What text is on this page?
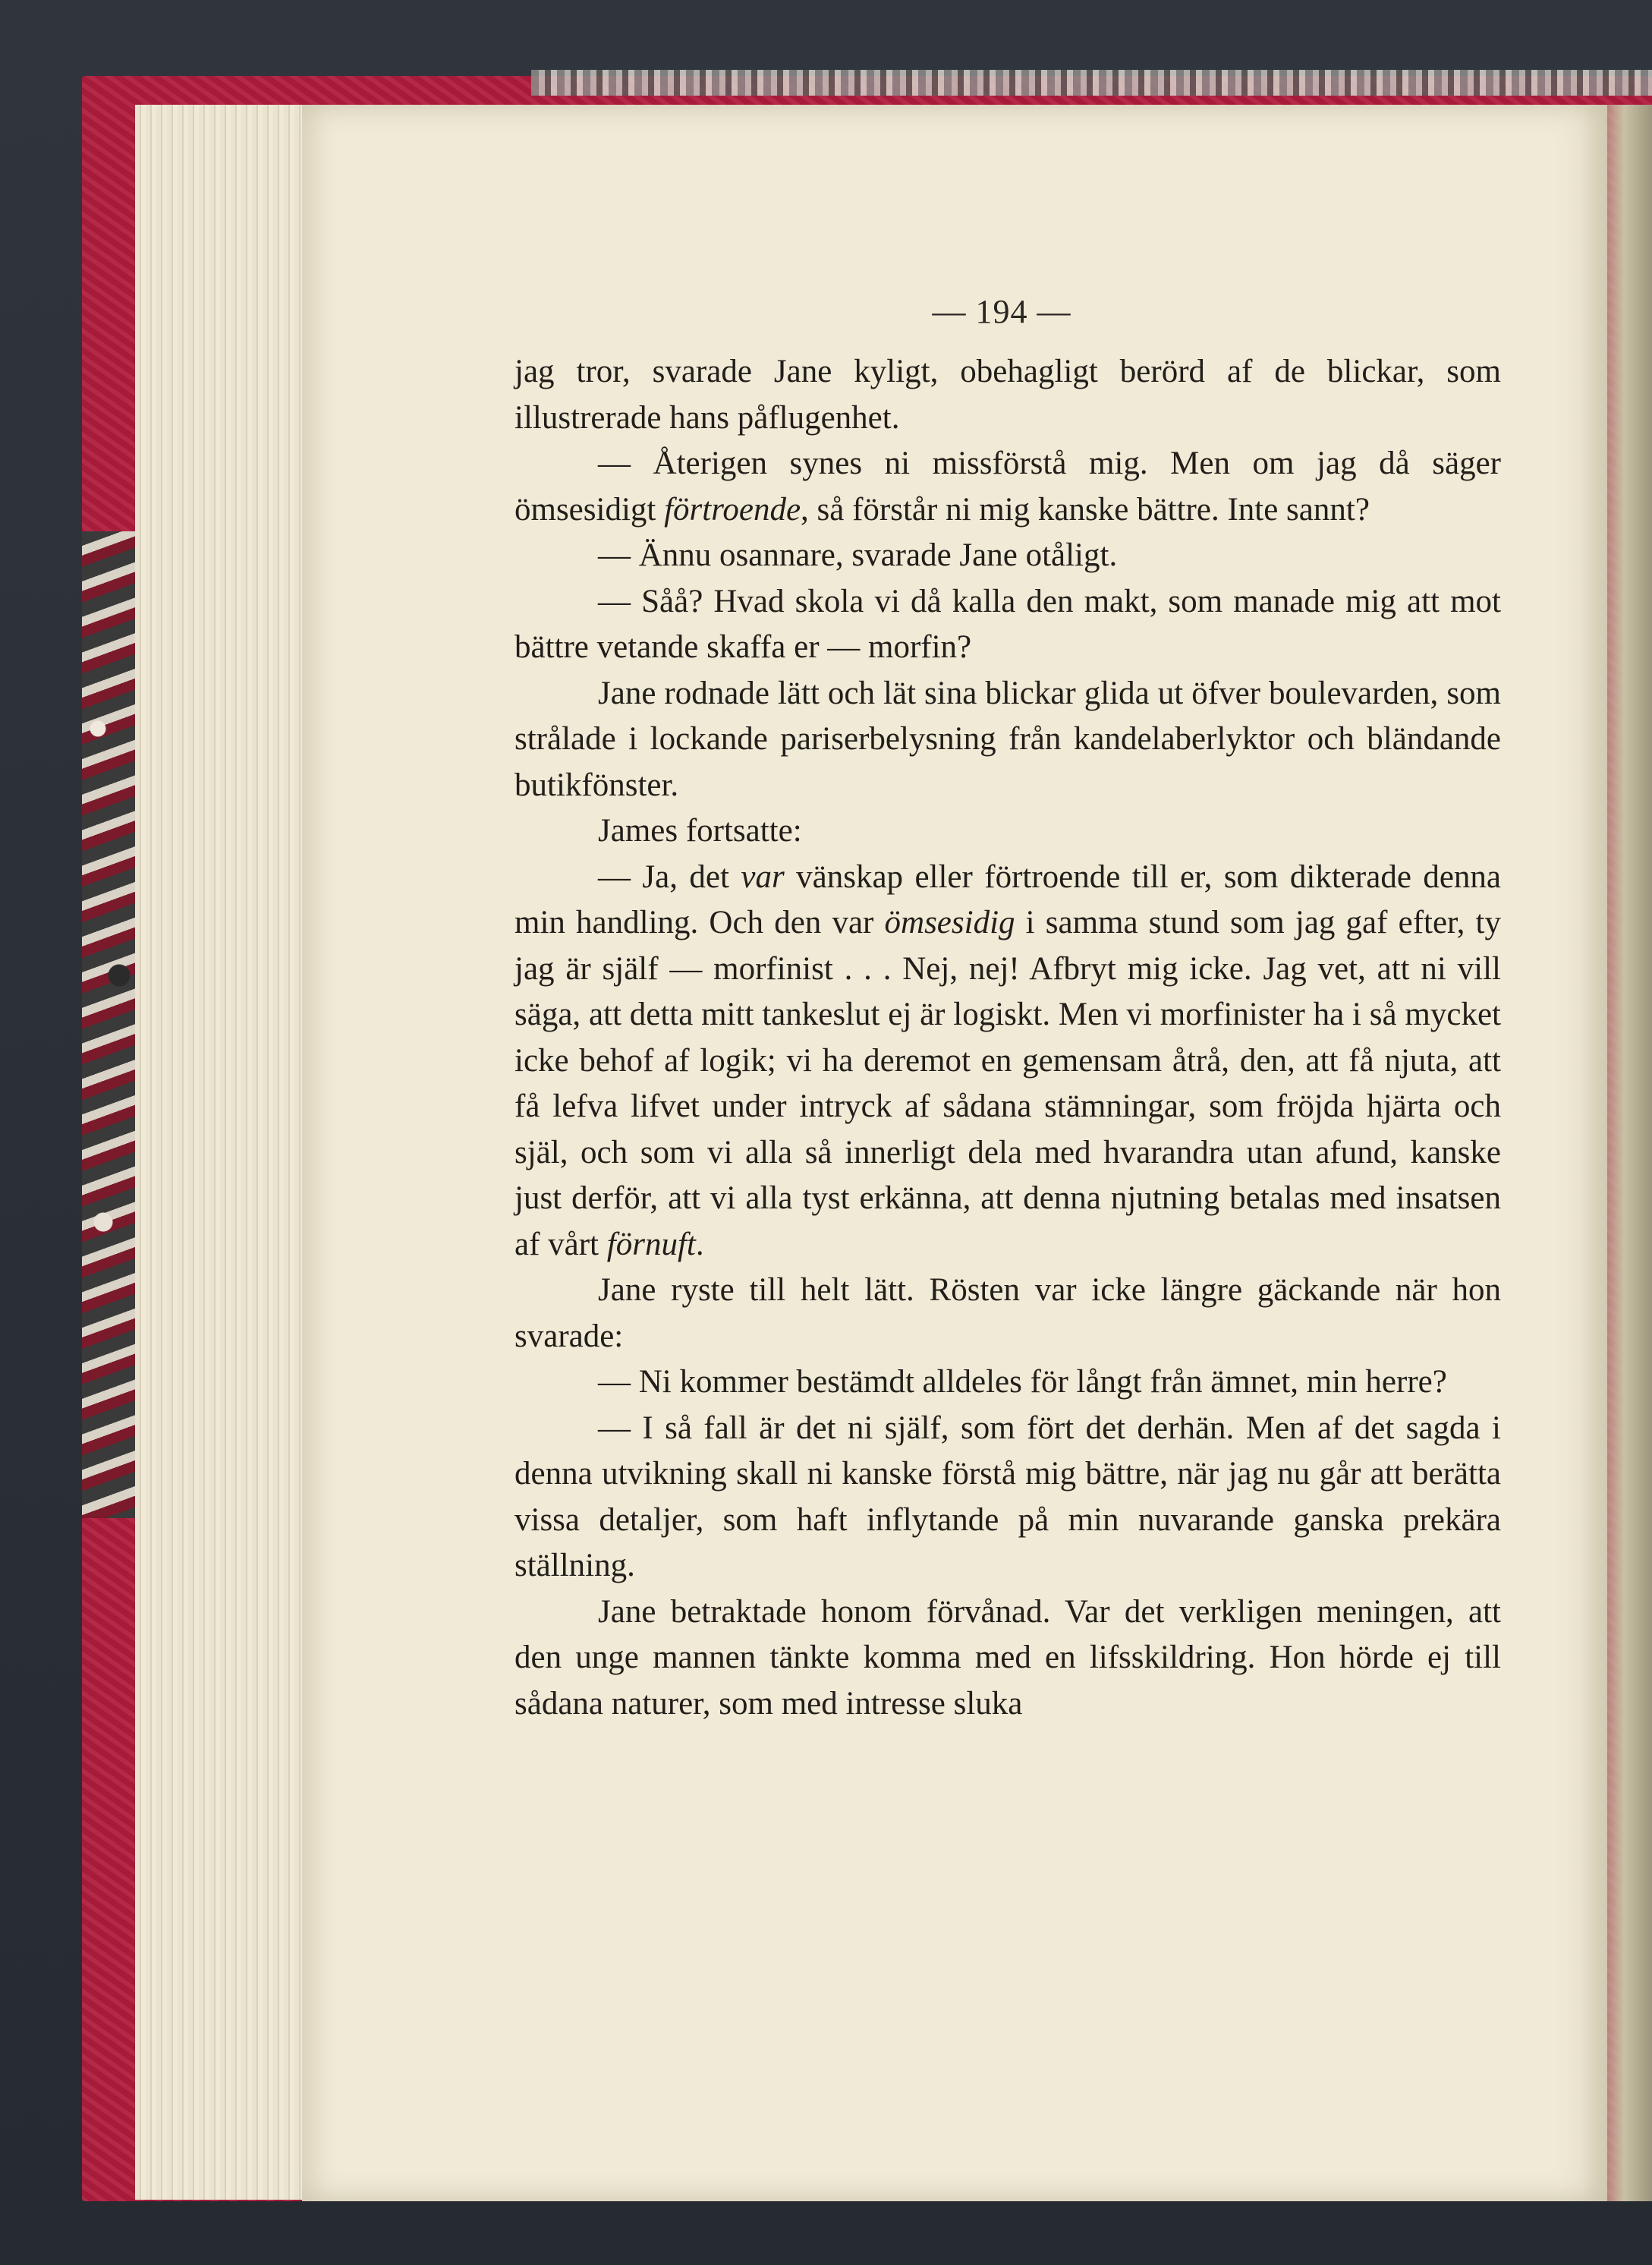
— 194 —

jag tror, svarade Jane kyligt, obehagligt berörd af de blickar, som illustrerade hans påflugenhet.

— Återigen synes ni missförstå mig. Men om jag då säger ömsesidigt förtroende, så förstår ni mig kanske bättre. Inte sannt?

— Ännu osannare, svarade Jane otåligt.

— Såå? Hvad skola vi då kalla den makt, som manade mig att mot bättre vetande skaffa er — morfin?

Jane rodnade lätt och lät sina blickar glida ut öfver boulevarden, som strålade i lockande pariserbelysning från kandelaberlyktor och bländande butikfönster.

James fortsatte:

— Ja, det var vänskap eller förtroende till er, som dikterade denna min handling. Och den var ömsesidig i samma stund som jag gaf efter, ty jag är själf — morfinist . . . Nej, nej! Afbryt mig icke. Jag vet, att ni vill säga, att detta mitt tankeslut ej är logiskt. Men vi morfinister ha i så mycket icke behof af logik; vi ha deremot en gemensam åtrå, den, att få njuta, att få lefva lifvet under intryck af sådana stämningar, som fröjda hjärta och själ, och som vi alla så innerligt dela med hvarandra utan afund, kanske just derför, att vi alla tyst erkänna, att denna njutning betalas med insatsen af vårt förnuft.

Jane ryste till helt lätt. Rösten var icke längre gäckande när hon svarade:

— Ni kommer bestämdt alldeles för långt från ämnet, min herre?

— I så fall är det ni själf, som fört det derhän. Men af det sagda i denna utvikning skall ni kanske förstå mig bättre, när jag nu går att berätta vissa detaljer, som haft inflytande på min nuvarande ganska prekära ställning.

Jane betraktade honom förvånad. Var det verkligen meningen, att den unge mannen tänkte komma med en lifsskildring. Hon hörde ej till sådana naturer, som med intresse sluka
